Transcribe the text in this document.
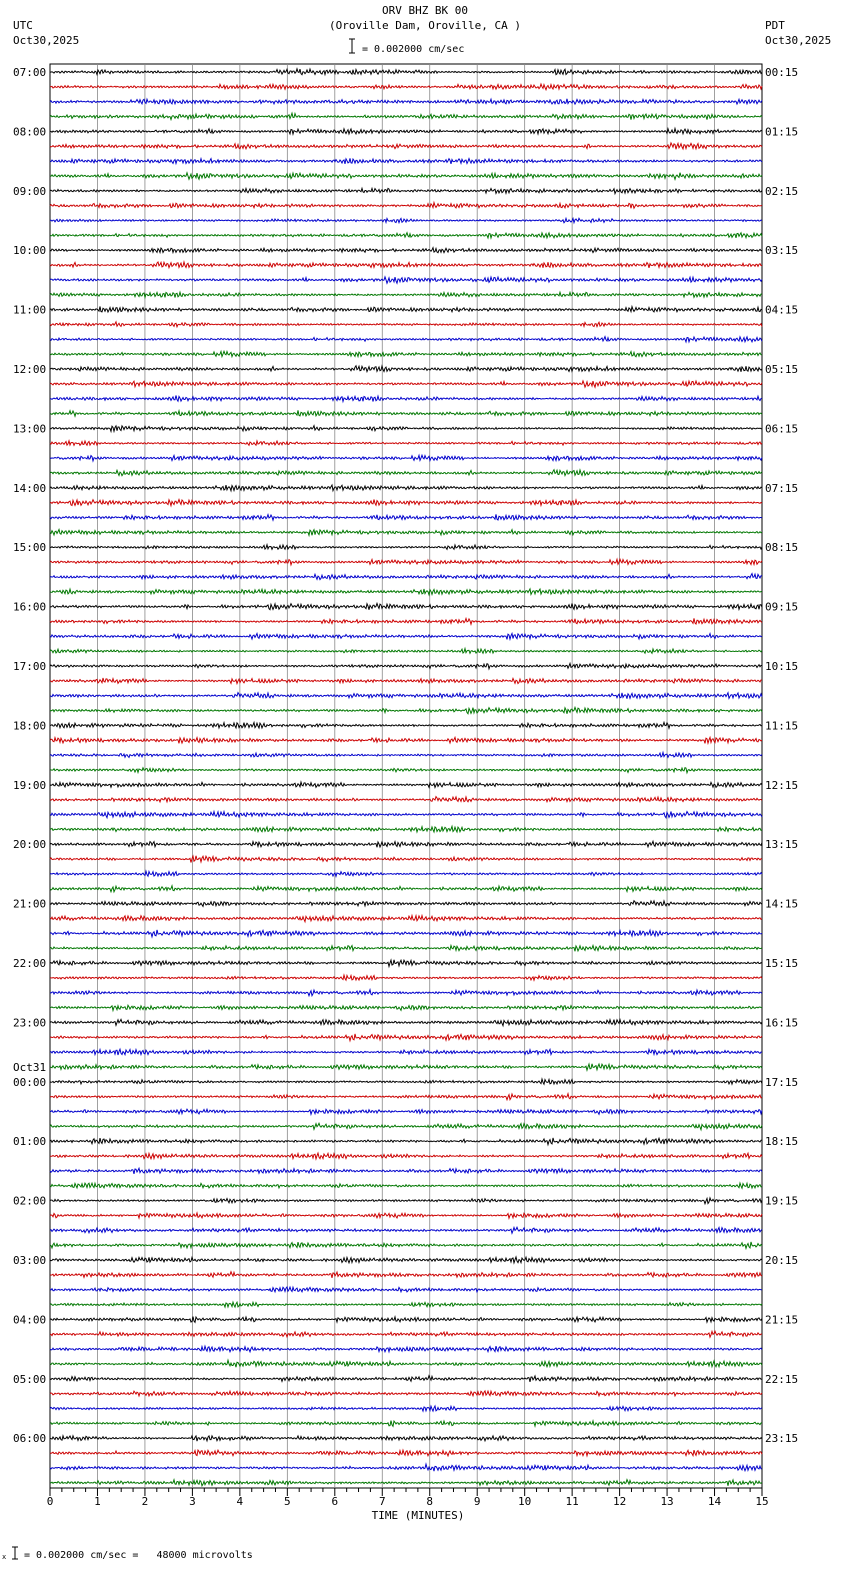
ORV BHZ BK 00
(Oroville Dam, Oroville, CA )
= 0.002000 cm/sec
UTC
Oct30,2025
PDT
Oct30,2025
Oct31
07:00
08:00
09:00
10:00
11:00
12:00
13:00
14:00
15:00
16:00
17:00
18:00
19:00
20:00
21:00
22:00
23:00
00:00
01:00
02:00
03:00
04:00
05:00
06:00
00:15
01:15
02:15
03:15
04:15
05:15
06:15
07:15
08:15
09:15
10:15
11:15
12:15
13:15
14:15
15:15
16:15
17:15
18:15
19:15
20:15
21:15
22:15
23:15
0	1	2	3	4	5	6	7	8	9	10	11	12	13	14	15
TIME (MINUTES)
x = 0.002000 cm/sec =   48000 microvolts
